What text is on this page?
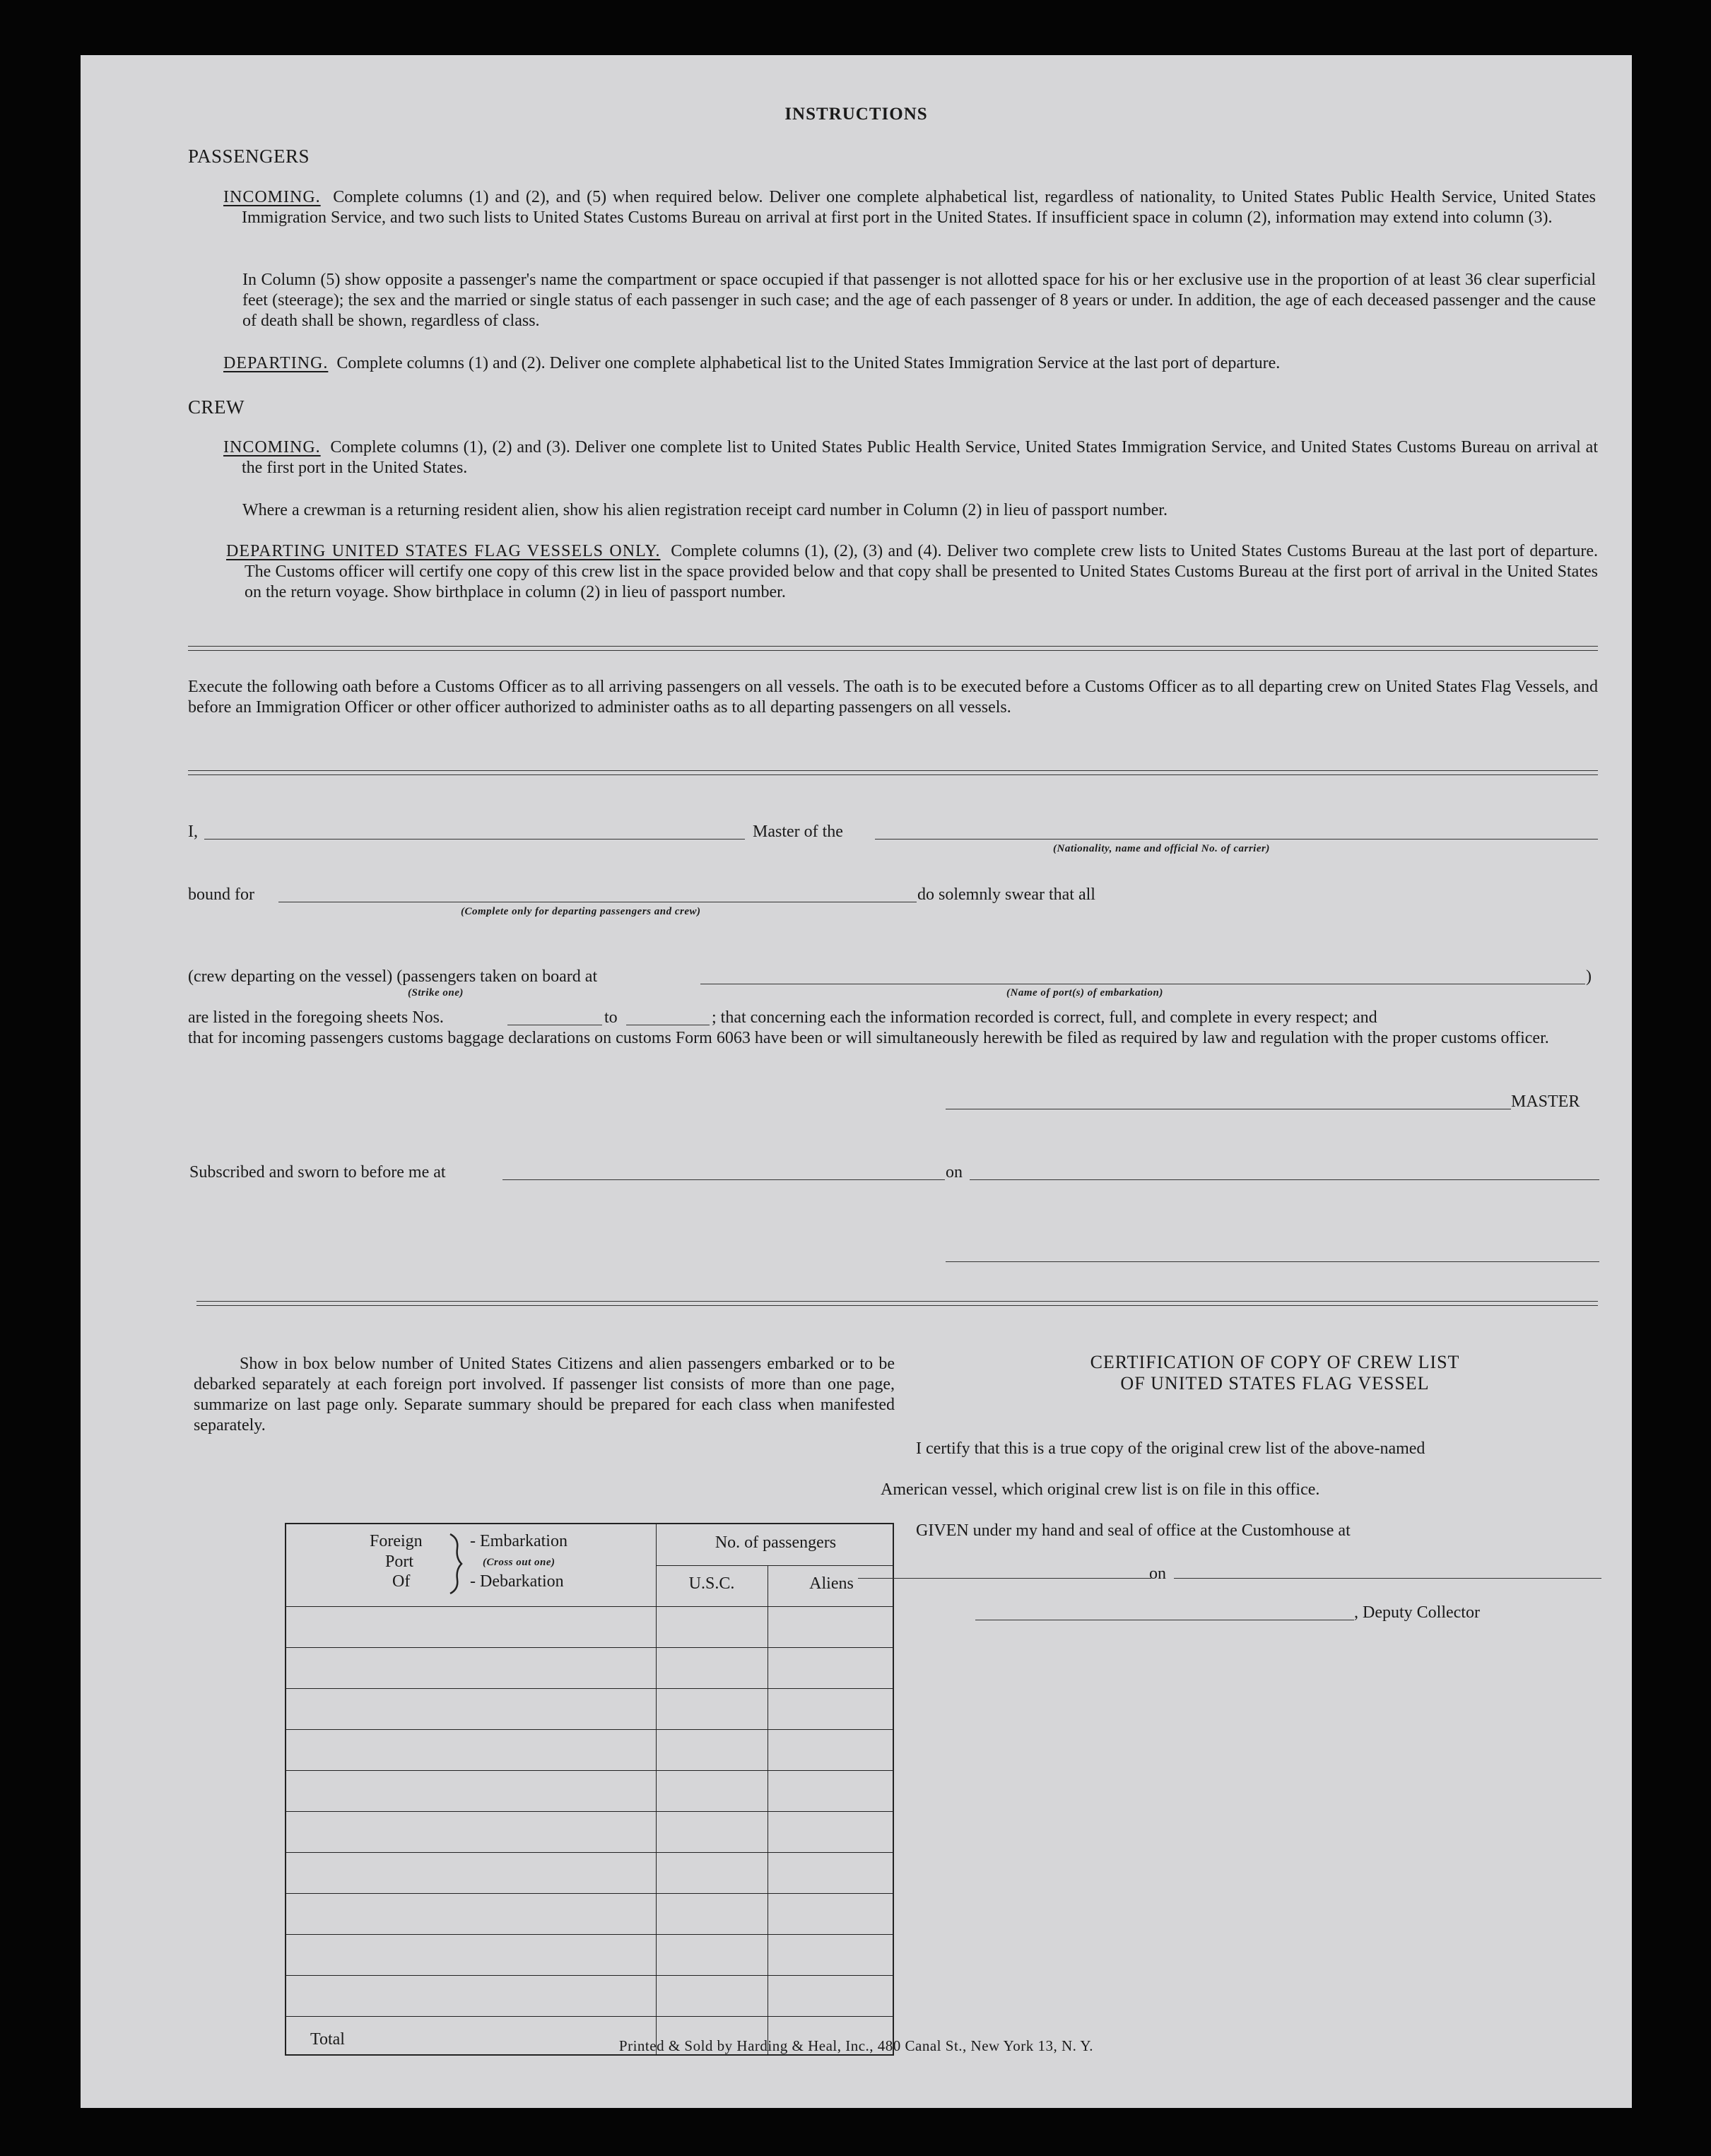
INSTRUCTIONS
PASSENGERS
INCOMING. Complete columns (1) and (2), and (5) when required below. Deliver one complete alphabetical list, regardless of nationality, to United States Public Health Service, United States Immigration Service, and two such lists to United States Customs Bureau on arrival at first port in the United States. If insufficient space in column (2), information may extend into column (3).
In Column (5) show opposite a passenger's name the compartment or space occupied if that passenger is not allotted space for his or her exclusive use in the proportion of at least 36 clear superficial feet (steerage); the sex and the married or single status of each passenger in such case; and the age of each passenger of 8 years or under. In addition, the age of each deceased passenger and the cause of death shall be shown, regardless of class.
DEPARTING. Complete columns (1) and (2). Deliver one complete alphabetical list to the United States Immigration Service at the last port of departure.
CREW
INCOMING. Complete columns (1), (2) and (3). Deliver one complete list to United States Public Health Service, United States Immigration Service, and United States Customs Bureau on arrival at the first port in the United States.
Where a crewman is a returning resident alien, show his alien registration receipt card number in Column (2) in lieu of passport number.
DEPARTING UNITED STATES FLAG VESSELS ONLY. Complete columns (1), (2), (3) and (4). Deliver two complete crew lists to United States Customs Bureau at the last port of departure. The Customs officer will certify one copy of this crew list in the space provided below and that copy shall be presented to United States Customs Bureau at the first port of arrival in the United States on the return voyage. Show birthplace in column (2) in lieu of passport number.
Execute the following oath before a Customs Officer as to all arriving passengers on all vessels. The oath is to be executed before a Customs Officer as to all departing crew on United States Flag Vessels, and before an Immigration Officer or other officer authorized to administer oaths as to all departing passengers on all vessels.
I,	Master of the
(Nationality, name and official No. of carrier)
bound for	do solemnly swear that all
(Complete only for departing passengers and crew)
(crew departing on the vessel) (passengers taken on board at	)
(Strike one)	(Name of port(s) of embarkation)
are listed in the foregoing sheets Nos.	to	; that concerning each the information recorded is correct, full, and complete in every respect; and
that for incoming passengers customs baggage declarations on customs Form 6063 have been or will simultaneously herewith be filed as required by law and regulation with the proper customs officer.
MASTER
Subscribed and sworn to before me at	on
Show in box below number of United States Citizens and alien passengers embarked or to be debarked separately at each foreign port involved. If passenger list consists of more than one page, summarize on last page only. Separate summary should be prepared for each class when manifested separately.
Foreign
Port
Of
- Embarkation
(Cross out one)
- Debarkation
No. of passengers
U.S.C.	Aliens
Total
CERTIFICATION OF COPY OF CREW LIST
OF UNITED STATES FLAG VESSEL
I certify that this is a true copy of the original crew list of the above-named
American vessel, which original crew list is on file in this office.
GIVEN under my hand and seal of office at the Customhouse at
on
, Deputy Collector
Printed & Sold by Harding & Heal, Inc., 480 Canal St., New York 13, N. Y.
